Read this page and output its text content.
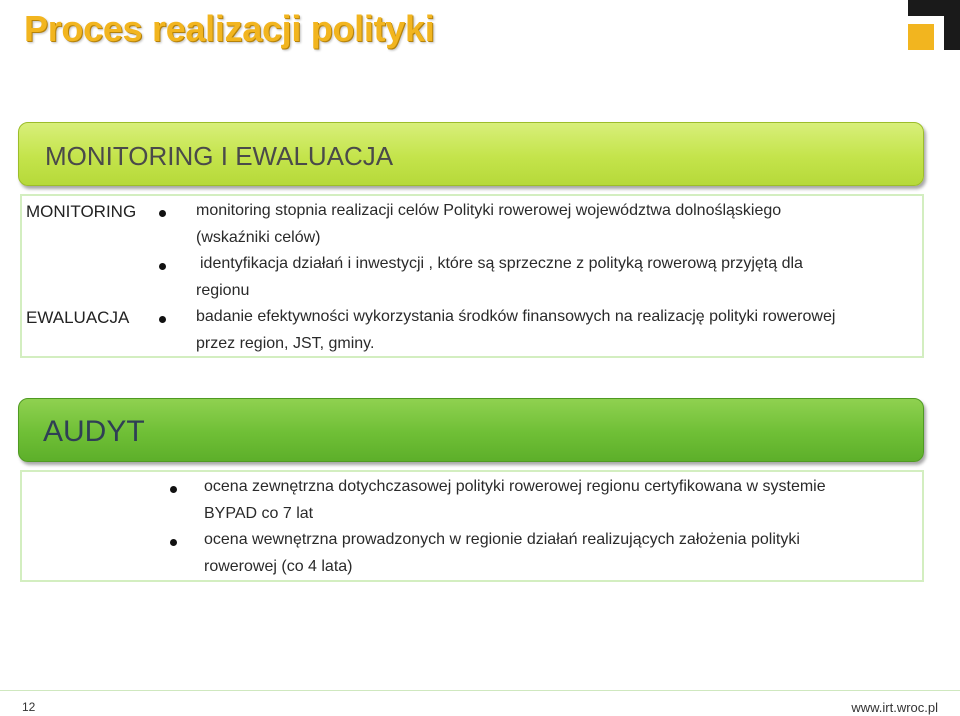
Proces realizacji polityki
MONITORING I EWALUACJA
MONITORING
EWALUACJA
monitoring stopnia realizacji celów Polityki rowerowej województwa dolnośląskiego
(wskaźniki celów)
identyfikacja działań i inwestycji , które są sprzeczne z polityką rowerową przyjętą dla
regionu
badanie efektywności wykorzystania środków finansowych na realizację polityki rowerowej
przez region, JST, gminy.
AUDYT
ocena zewnętrzna dotychczasowej polityki rowerowej regionu certyfikowana w systemie
BYPAD co 7 lat
ocena wewnętrzna prowadzonych w regionie działań realizujących założenia polityki
rowerowej (co 4 lata)
12	www.irt.wroc.pl
